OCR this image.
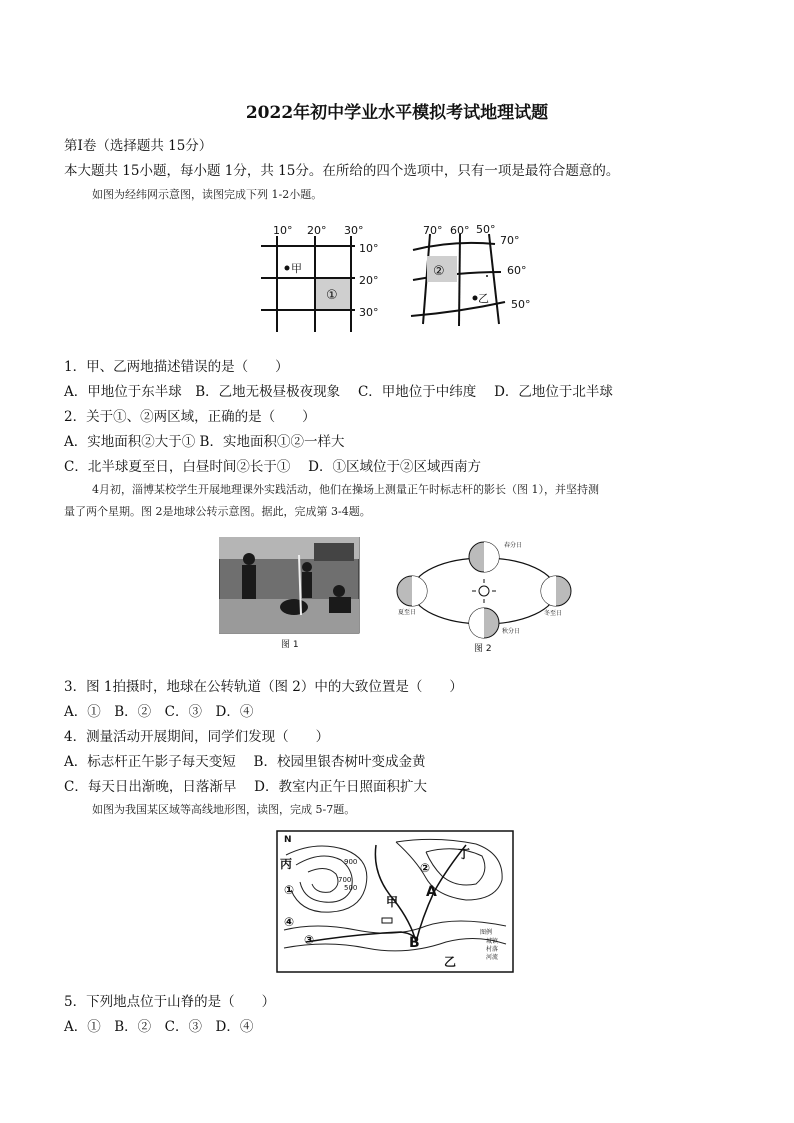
2022年初中学业水平模拟考试地理试题
第Ⅰ卷（选择题共 15分）
本大题共 15小题，每小题 1分，共 15分。在所给的四个选项中，只有一项是最符合题意的。
如图为经纬网示意图，读图完成下列 1-2小题。
10° 20° 30°
10°
20°
30°
甲
①
70° 60° 50°
70°
60°
50°
②
乙
1．甲、乙两地描述错误的是（　　）
A．甲地位于东半球　B．乙地无极昼极夜现象　 C．甲地位于中纬度　 D．乙地位于北半球
2．关于①、②两区域，正确的是（　　）
A．实地面积②大于① B．实地面积①②一样大
C．北半球夏至日，白昼时间②长于①　 D．①区域位于②区域西南方
4月初，淄博某校学生开展地理课外实践活动，他们在操场上测量正午时标志杆的影长（图 1），并坚持测
量了两个星期。图 2是地球公转示意图。据此，完成第 3-4题。
图 1
春分日
夏至日	冬至日
秋分日
图 2
3．图 1拍摄时，地球在公转轨道（图 2）中的大致位置是（　　）
A．①　B．②　C．③　D．④
4．测量活动开展期间，同学们发现（　　）
A．标志杆正午影子每天变短　 B．校园里银杏树叶变成金黄
C．每天日出渐晚，日落渐早　 D．教室内正午日照面积扩大
如图为我国某区域等高线地形图，读图，完成 5-7题。
900
700
500
N
丙
①
②
③
④
甲
乙
丁
A
B
图例
城镇
村落
河流
5．下列地点位于山脊的是（　　）
A．①　B．②　C．③　D．④
